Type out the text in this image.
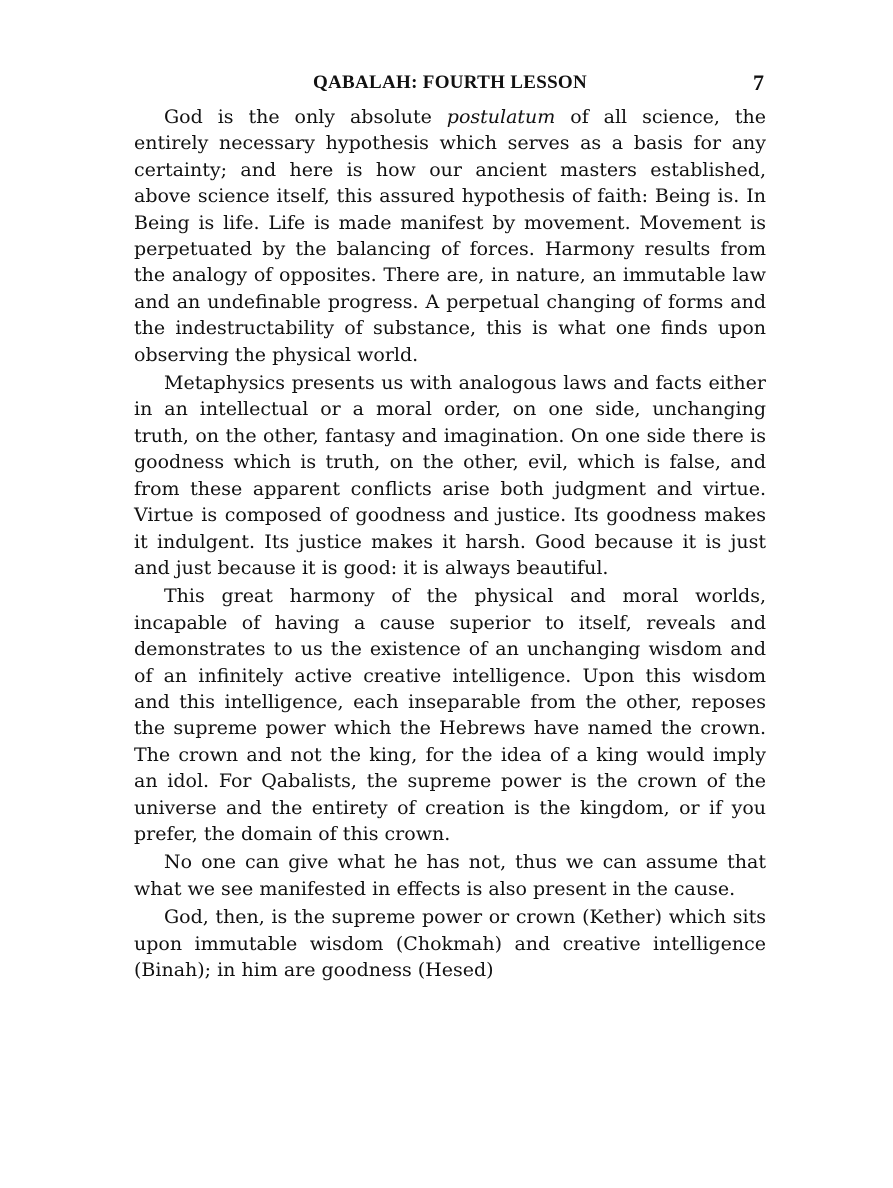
QABALAH: FOURTH LESSON	7

God is the only absolute postulatum of all science, the entirely necessary hypothesis which serves as a basis for any certainty; and here is how our ancient masters established, above science itself, this assured hypothesis of faith: Being is. In Being is life. Life is made manifest by movement. Movement is perpetuated by the balancing of forces. Harmony results from the analogy of opposites. There are, in nature, an immutable law and an undefinable progress. A perpetual changing of forms and the indestructability of substance, this is what one finds upon observing the physical world.

Metaphysics presents us with analogous laws and facts either in an intellectual or a moral order, on one side, unchanging truth, on the other, fantasy and imagination. On one side there is goodness which is truth, on the other, evil, which is false, and from these apparent conflicts arise both judgment and virtue. Virtue is composed of goodness and justice. Its goodness makes it indulgent. Its justice makes it harsh. Good because it is just and just because it is good: it is always beautiful.

This great harmony of the physical and moral worlds, incapable of having a cause superior to itself, reveals and demonstrates to us the existence of an unchanging wisdom and of an infinitely active creative intelligence. Upon this wisdom and this intelligence, each inseparable from the other, reposes the supreme power which the Hebrews have named the crown. The crown and not the king, for the idea of a king would imply an idol. For Qabalists, the supreme power is the crown of the universe and the entirety of creation is the kingdom, or if you prefer, the domain of this crown.

No one can give what he has not, thus we can assume that what we see manifested in effects is also present in the cause.

God, then, is the supreme power or crown (Kether) which sits upon immutable wisdom (Chokmah) and creative intelligence (Binah); in him are goodness (Hesed)
